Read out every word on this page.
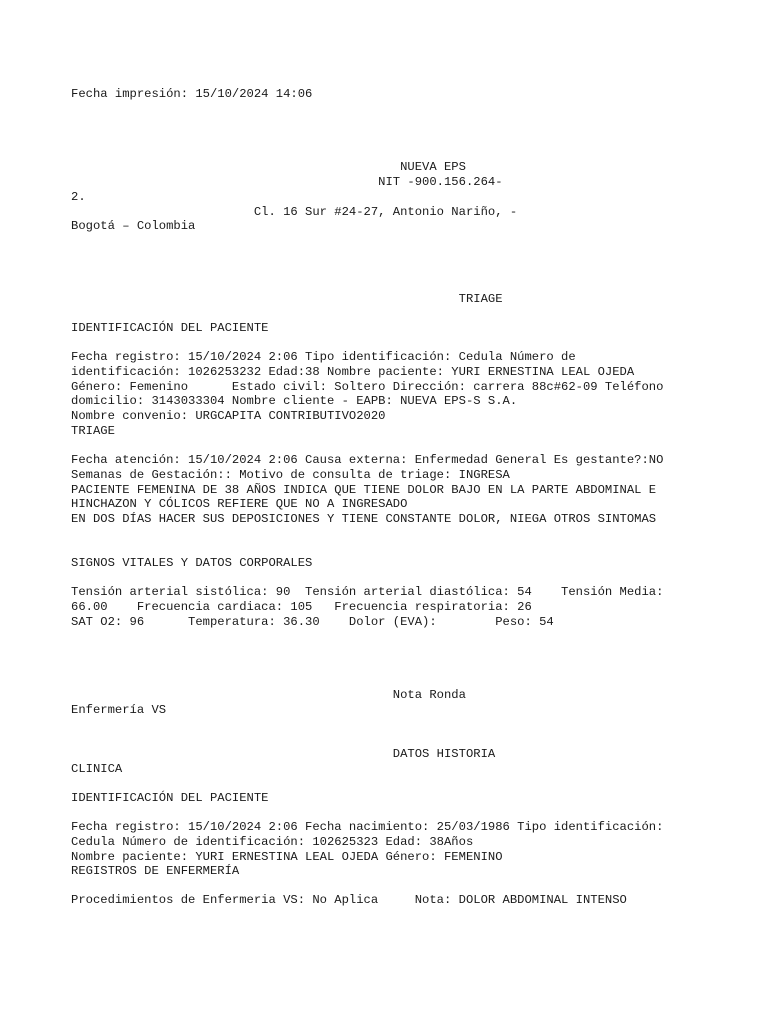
Fecha impresión: 15/10/2024 14:06
NUEVA EPS
NIT -900.156.264-
2.
Cl. 16 Sur #24-27, Antonio Nariño, -
Bogotá – Colombia
TRIAGE
IDENTIFICACIÓN DEL PACIENTE
Fecha registro: 15/10/2024 2:06 Tipo identificación: Cedula Número de
identificación: 1026253232 Edad:38 Nombre paciente: YURI ERNESTINA LEAL OJEDA
Género: Femenino      Estado civil: Soltero Dirección: carrera 88c#62-09 Teléfono
domicilio: 3143033304 Nombre cliente - EAPB: NUEVA EPS-S S.A.
Nombre convenio: URGCAPITA CONTRIBUTIVO2020
TRIAGE
Fecha atención: 15/10/2024 2:06 Causa externa: Enfermedad General Es gestante?:NO
Semanas de Gestación:: Motivo de consulta de triage: INGRESA
PACIENTE FEMENINA DE 38 AÑOS INDICA QUE TIENE DOLOR BAJO EN LA PARTE ABDOMINAL E
HINCHAZON Y CÓLICOS REFIERE QUE NO A INGRESADO
EN DOS DÍAS HACER SUS DEPOSICIONES Y TIENE CONSTANTE DOLOR, NIEGA OTROS SINTOMAS
SIGNOS VITALES Y DATOS CORPORALES
Tensión arterial sistólica: 90  Tensión arterial diastólica: 54    Tensión Media:
66.00    Frecuencia cardiaca: 105   Frecuencia respiratoria: 26
SAT O2: 96      Temperatura: 36.30    Dolor (EVA):        Peso: 54
Nota Ronda
Enfermería VS
DATOS HISTORIA
CLINICA
IDENTIFICACIÓN DEL PACIENTE
Fecha registro: 15/10/2024 2:06 Fecha nacimiento: 25/03/1986 Tipo identificación:
Cedula Número de identificación: 102625323 Edad: 38Años
Nombre paciente: YURI ERNESTINA LEAL OJEDA Género: FEMENINO
REGISTROS DE ENFERMERÍA
Procedimientos de Enfermeria VS: No Aplica     Nota: DOLOR ABDOMINAL INTENSO
